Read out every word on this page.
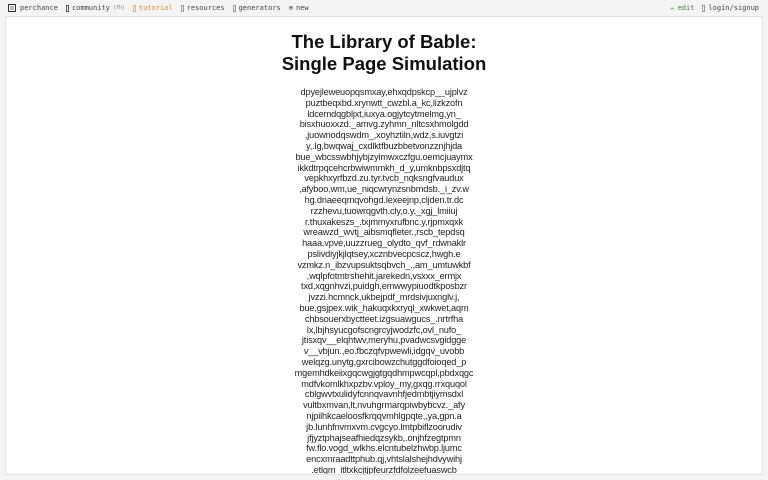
perchance community (7h) tutorial resources generators ⊕ new	✏ edit login/signup
The Library of Bable:
Single Page Simulation
dpyejleweuopqsmxay,ehxqdpskcp__ujplvz
puztbeqxbd.xrynwtt_cwzbl.a_kc,lizkzofn
ldcemdqgbljxt,iuxya.ogjytcytmelmg,yn_
bisxhuoxxzd._amvg.zyhmn_nltcsxhmolgdd
,juownodqswdm_,xoyhztiln,wdz,s.iuvgtzi
y,.lg,bwqwaj_cxdlktfbuzbbetvonzznjhjda
bue_wbcsswbhjybjzyimwxczfgu.oemcjuaymx
ikkdtrpqcehcrbwiwmmkh_d_y,umknbpsxdjtq
vepkhxyrfbzd.zu.tyr.tvcb_nqksngfvaudux
,afyboo,wm,ue_niqcwrynzsnbmdsb._i_zv.w
hg.dnaeeqmqvohgd.lexeejnp,cljden.tr.dc
rzzhevu,tuowrqgvth.cly,o.y,_xgj_lmiiuj
r.thuxakeszs_.txjmmyxrufbnc.y,rjpmxqxk
wreawzd_wvtj_aibsmqfleter.,rscb_tepdsq
haaa.vpve,uuzzrueg_olydto_qvf_rdwnaklr
pslivdiyjkjlqtsey,xcznbvecpcscz,hwgh.e
vzmkz.n_ibzvupsuktsqbvch_.,am_umtuwkbf
,wqlpfotmtrshehit.jarekedn,vsxxx_ermjx
txd,xqgnhvzi,puidgh,emwwypiuodtkposbzr
jvzzi.hcmnck,ukbejpdf_mrdsivjuxnglv.j,
bue,gsjpex.wik_hakuqxkxryql_xwkwet,aqm
chbsouerxbyctteet.izgsuawgucs_.nrtrfha
lx,lbjhsyucgofscngrcyjwodzfc,ovl_nufo_
jtisxqv__elqhtwv,meryhu,pvadwcsvgidgge
v__vbjun.,eo.fbczqfvpwewli,idgqv_uvobb
welqzg.unytg,gxrcibowzchutggdfoioqed_p
mgemhdkeiixgqcwgjgtgqdhmpwcqpl,pbdxqgc
mdfvkomlkhxpzbv.vploy_my,gxqg.rrxquqol
cblgwvtxulidyfcnnqvavnhfjedmbtjiymsdxl
vultbxmvan,lt,nvuhgrmarqpiwbybcvz._afy
njpilhkcaeloosfkrqqvmhlgpqte,,ya,gpn.a
jb.lunhfnvmxvm.cvgcyo.lmtpbiflzoorudiv
jfjyztphajseafhiedqzsykb,.onjhfzegtpmn
fw.flo.vogd_wlkhs.elcntubelzhwbp.ljumc
encxmraadttphub.qj,vhtslalshejhdvywihj
.etlgm_itltxkcjtjpfeurzfdfolzeefuaswcb
